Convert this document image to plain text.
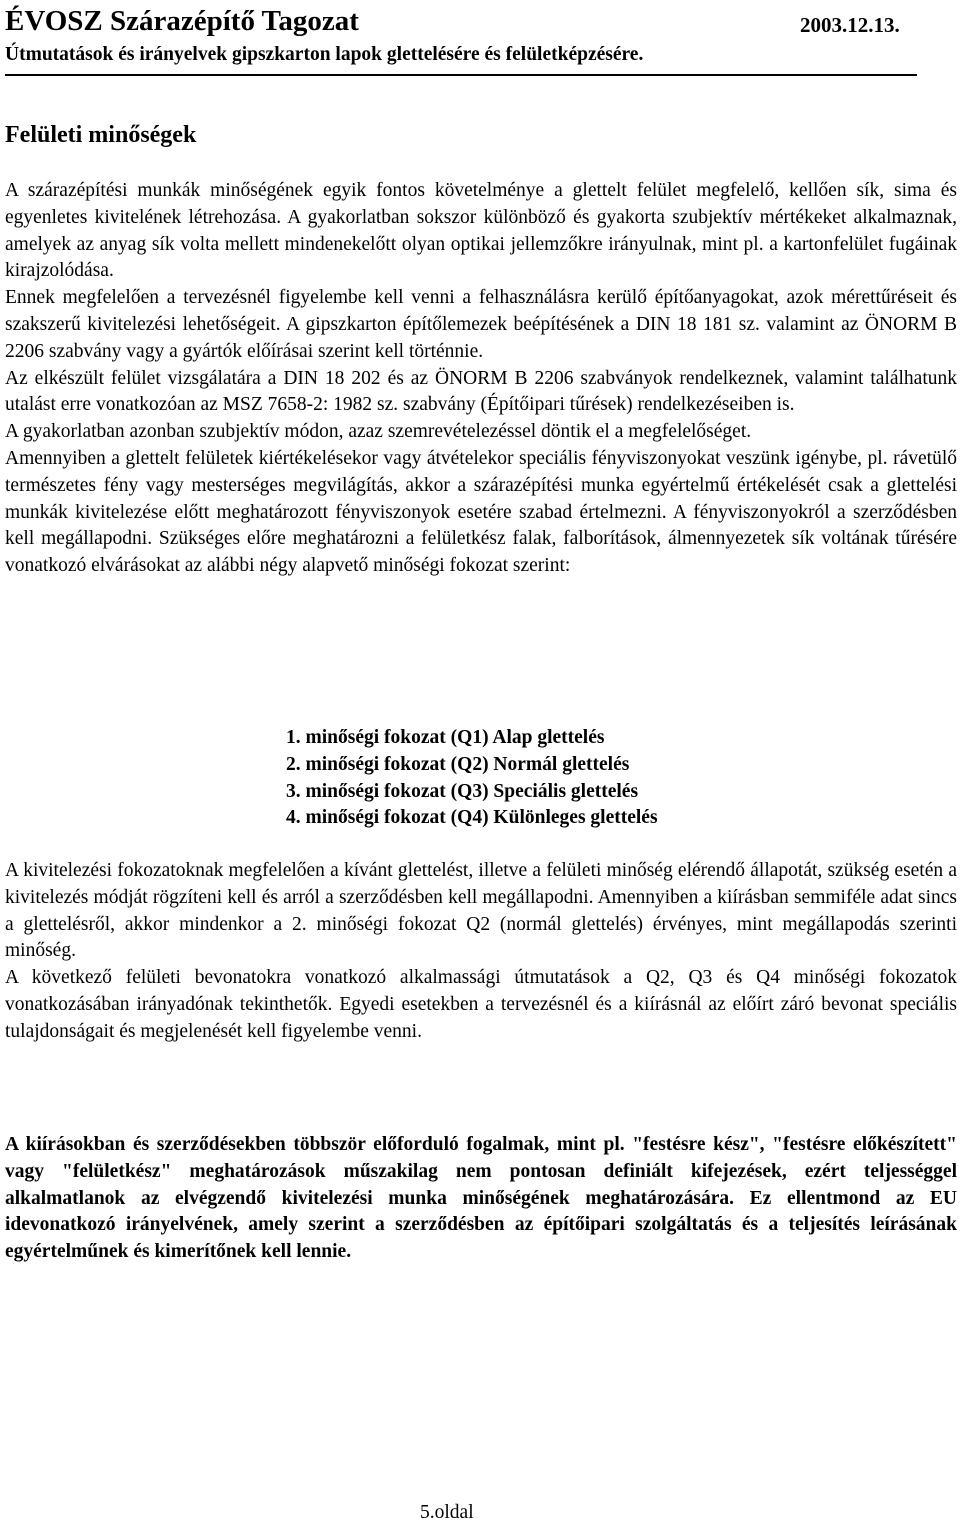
ÉVOSZ Szárazépítő Tagozat	2003.12.13.
Útmutatások és irányelvek gipszkarton lapok glettelésére és felületképzésére.
Felületi minőségek

A szárazépítési munkák minőségének egyik fontos követelménye a glettelt felület megfelelő, kellően sík, sima és egyenletes kivitelének létrehozása. A gyakorlatban sokszor különböző és gyakorta szubjektív mértékeket alkalmaznak, amelyek az anyag sík volta mellett mindenekelőtt olyan optikai jellemzőkre irányulnak, mint pl. a kartonfelület fugáinak kirajzolódása.

Ennek megfelelően a tervezésnél figyelembe kell venni a felhasználásra kerülő építőanyagokat, azok mérettűréseit és szakszerű kivitelezési lehetőségeit. A gipszkarton építőlemezek beépítésének a DIN 18 181 sz. valamint az ÖNORM B 2206 szabvány vagy a gyártók előírásai szerint kell történnie.

Az elkészült felület vizsgálatára a DIN 18 202 és az ÖNORM B 2206 szabványok rendelkeznek, valamint találhatunk utalást erre vonatkozóan az MSZ 7658-2: 1982 sz. szabvány (Építőipari tűrések) rendelkezéseiben is.

A gyakorlatban azonban szubjektív módon, azaz szemrevételezéssel döntik el a megfelelőséget.

Amennyiben a glettelt felületek kiértékelésekor vagy átvételekor speciális fényviszonyokat veszünk igénybe, pl. rávetülő természetes fény vagy mesterséges megvilágítás, akkor a szárazépítési munka egyértelmű értékelését csak a glettelési munkák kivitelezése előtt meghatározott fényviszonyok esetére szabad értelmezni. A fényviszonyokról a szerződésben kell megállapodni. Szükséges előre meghatározni a felületkész falak, falborítások, álmennyezetek sík voltának tűrésére vonatkozó elvárásokat az alábbi négy alapvető minőségi fokozat szerint:

1. minőségi fokozat (Q1) Alap glettelés
2. minőségi fokozat (Q2) Normál glettelés
3. minőségi fokozat (Q3) Speciális glettelés
4. minőségi fokozat (Q4) Különleges glettelés

A kivitelezési fokozatoknak megfelelően a kívánt glettelést, illetve a felületi minőség elérendő állapotát, szükség esetén a kivitelezés módját rögzíteni kell és arról a szerződésben kell megállapodni. Amennyiben a kiírásban semmiféle adat sincs a glettelésről, akkor mindenkor a 2. minőségi fokozat Q2 (normál glettelés) érvényes, mint megállapodás szerinti minőség.

A következő felületi bevonatokra vonatkozó alkalmassági útmutatások a Q2, Q3 és Q4 minőségi fokozatok vonatkozásában irányadónak tekinthetők. Egyedi esetekben a tervezésnél és a kiírásnál az előírt záró bevonat speciális tulajdonságait és megjelenését kell figyelembe venni.

A kiírásokban és szerződésekben többször előforduló fogalmak, mint pl. "festésre kész", "festésre előkészített" vagy "felületkész" meghatározások műszakilag nem pontosan definiált kifejezések, ezért teljességgel alkalmatlanok az elvégzendő kivitelezési munka minőségének meghatározására. Ez ellentmond az EU idevonatkozó irányelvének, amely szerint a szerződésben az építőipari szolgáltatás és a teljesítés leírásának egyértelműnek és kimerítőnek kell lennie.
5.oldal
